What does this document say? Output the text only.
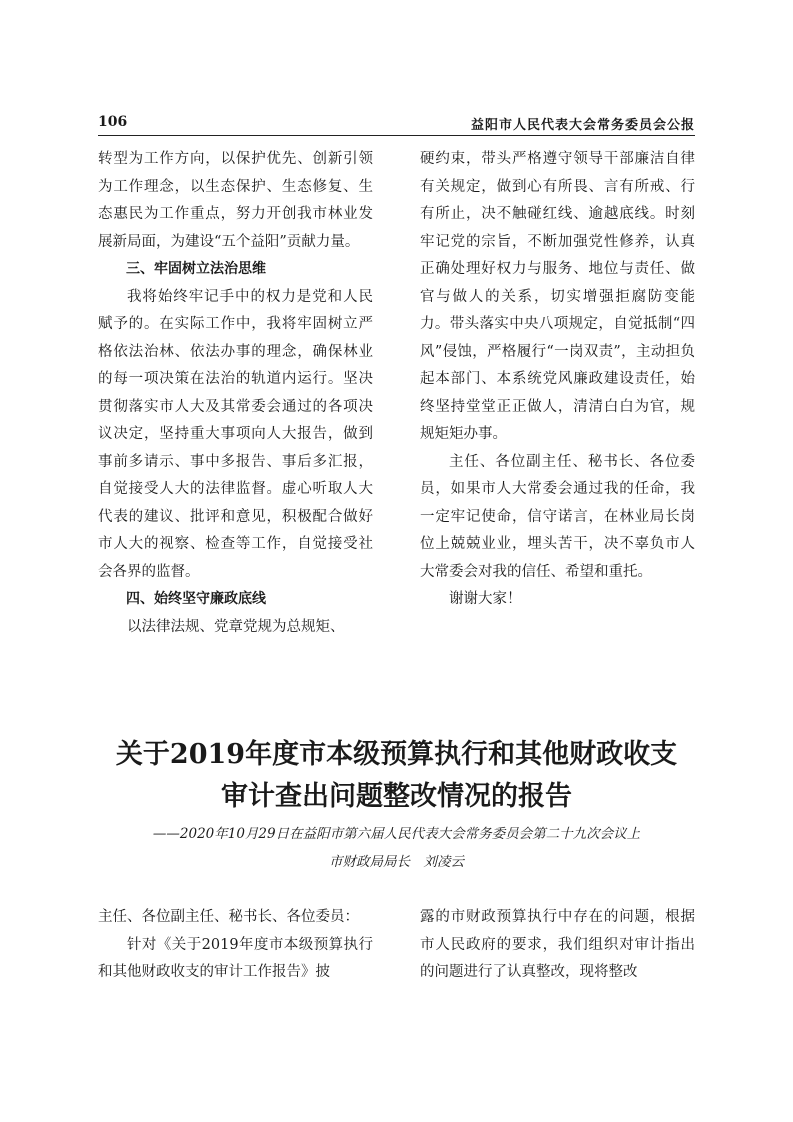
106	益阳市人民代表大会常务委员会公报

转型为工作方向，以保护优先、创新引领为工作理念，以生态保护、生态修复、生态惠民为工作重点，努力开创我市林业发展新局面，为建设“五个益阳”贡献力量。

三、牢固树立法治思维

我将始终牢记手中的权力是党和人民赋予的。在实际工作中，我将牢固树立严格依法治林、依法办事的理念，确保林业的每一项决策在法治的轨道内运行。坚决贯彻落实市人大及其常委会通过的各项决议决定，坚持重大事项向人大报告，做到事前多请示、事中多报告、事后多汇报，自觉接受人大的法律监督。虚心听取人大代表的建议、批评和意见，积极配合做好市人大的视察、检查等工作，自觉接受社会各界的监督。

四、始终坚守廉政底线

以法律法规、党章党规为总规矩、

硬约束，带头严格遵守领导干部廉洁自律有关规定，做到心有所畏、言有所戒、行有所止，决不触碰红线、逾越底线。时刻牢记党的宗旨，不断加强党性修养，认真正确处理好权力与服务、地位与责任、做官与做人的关系，切实增强拒腐防变能力。带头落实中央八项规定，自觉抵制“四风”侵蚀，严格履行“一岗双责”，主动担负起本部门、本系统党风廉政建设责任，始终坚持堂堂正正做人，清清白白为官，规规矩矩办事。

主任、各位副主任、秘书长、各位委员，如果市人大常委会通过我的任命，我一定牢记使命，信守诺言，在林业局长岗位上兢兢业业，埋头苦干，决不辜负市人大常委会对我的信任、希望和重托。

谢谢大家！

关于2019年度市本级预算执行和其他财政收支
审计查出问题整改情况的报告
——2020年10月29日在益阳市第六届人民代表大会常务委员会第二十九次会议上
市财政局局长　刘凌云

主任、各位副主任、秘书长、各位委员：

针对《关于2019年度市本级预算执行和其他财政收支的审计工作报告》披

露的市财政预算执行中存在的问题，根据市人民政府的要求，我们组织对审计指出的问题进行了认真整改，现将整改
